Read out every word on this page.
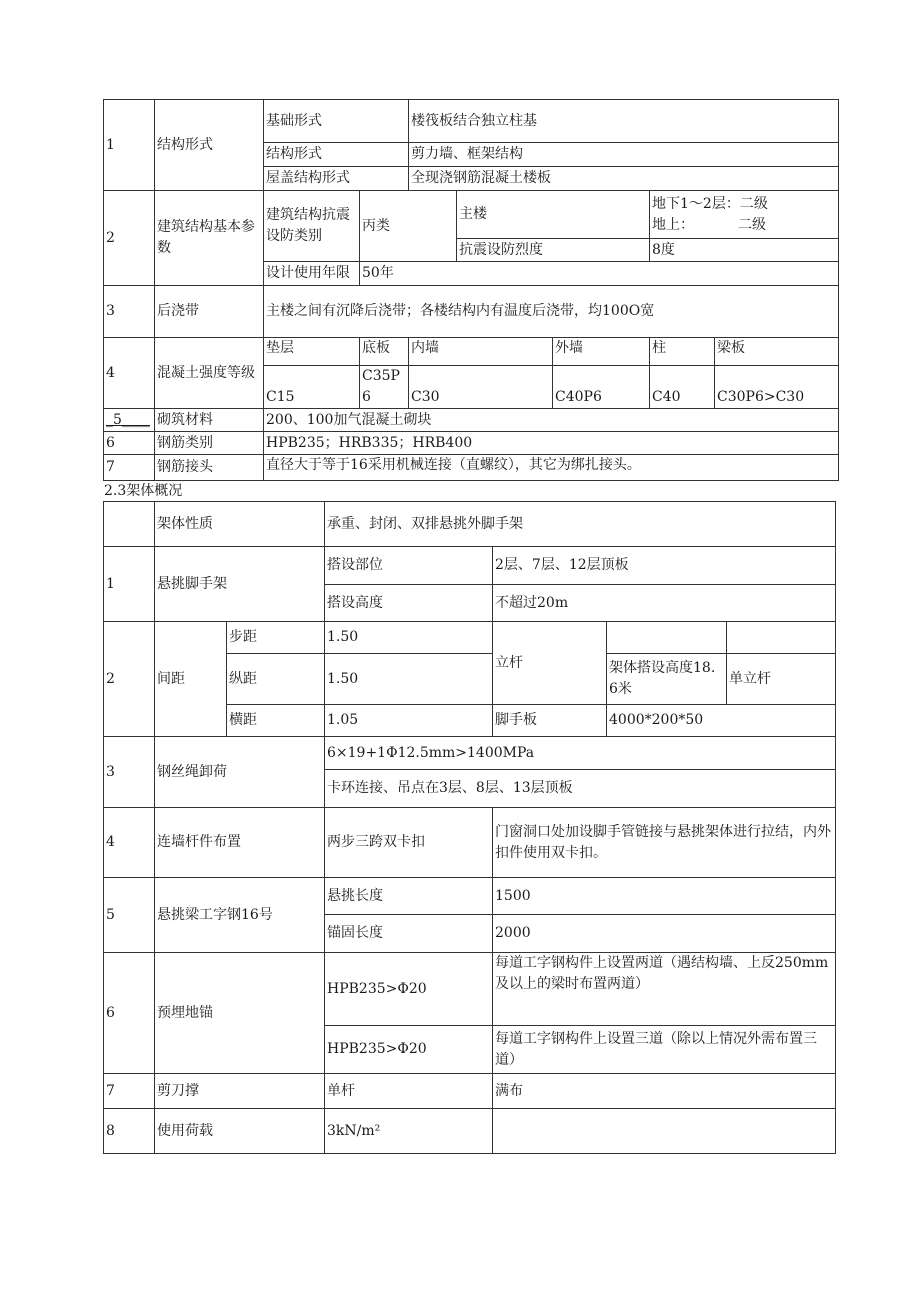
1	结构形式	基础形式		楼筏板结合独立柱基				
		结构形式		剪力墙、框架结构				
		屋盖结构形式		全现浇钢筋混凝土楼板				
2	建筑结构基本参数	建筑结构抗震设防类别	丙类		主楼		地下1～2层：二级
地上： 二级	

					抗震设防烈度		8度	
		设计使用年限	50年					
3	后浇带	主楼之间有沉降后浇带；各楼结构内有温度后浇带，均100O宽						
4	混凝土强度等级	垫层	底板	内墙		外墙	柱	梁板
		C15	C35P6	C30		C40P6	C40	C30P6>C30
_5____	砌筑材料	200、100加气混凝土砌块						
6	钢筋类别	HPB235；HRB335；HRB400						
7	钢筋接头	直径大于等于16采用机械连接（直螺纹），其它为绑扎接头。						
2.3架体概况
	架体性质		承重、封闭、双排悬挑外脚手架			
1	悬挑脚手架		搭设部位	2层、7层、12层顶板		
			搭设高度	不超过20m		
2	间距	步距	1.50	立杆		
		纵距	1.50		架体搭设高度18.6米	单立杆
		横距	1.05	脚手板	4000*200*50	
3	钢丝绳卸荷		6×19+1Φ12.5mm>1400MPa			
			卡环连接、吊点在3层、8层、13层顶板			
4	连墙杆件布置		两步三跨双卡扣	门窗洞口处加设脚手管链接与悬挑架体进行拉结，内外扣件使用双卡扣。		
5	悬挑梁工字钢16号		悬挑长度	1500		
			锚固长度	2000		
6	预埋地锚		HPB235>Φ20	每道工字钢构件上设置两道（遇结构墙、上反250mm及以上的梁时布置两道）		
			HPB235>Φ20	每道工字钢构件上设置三道（除以上情况外需布置三道）		
7	剪刀撑		单杆	满布		
8	使用荷载		3kN∕m²			
